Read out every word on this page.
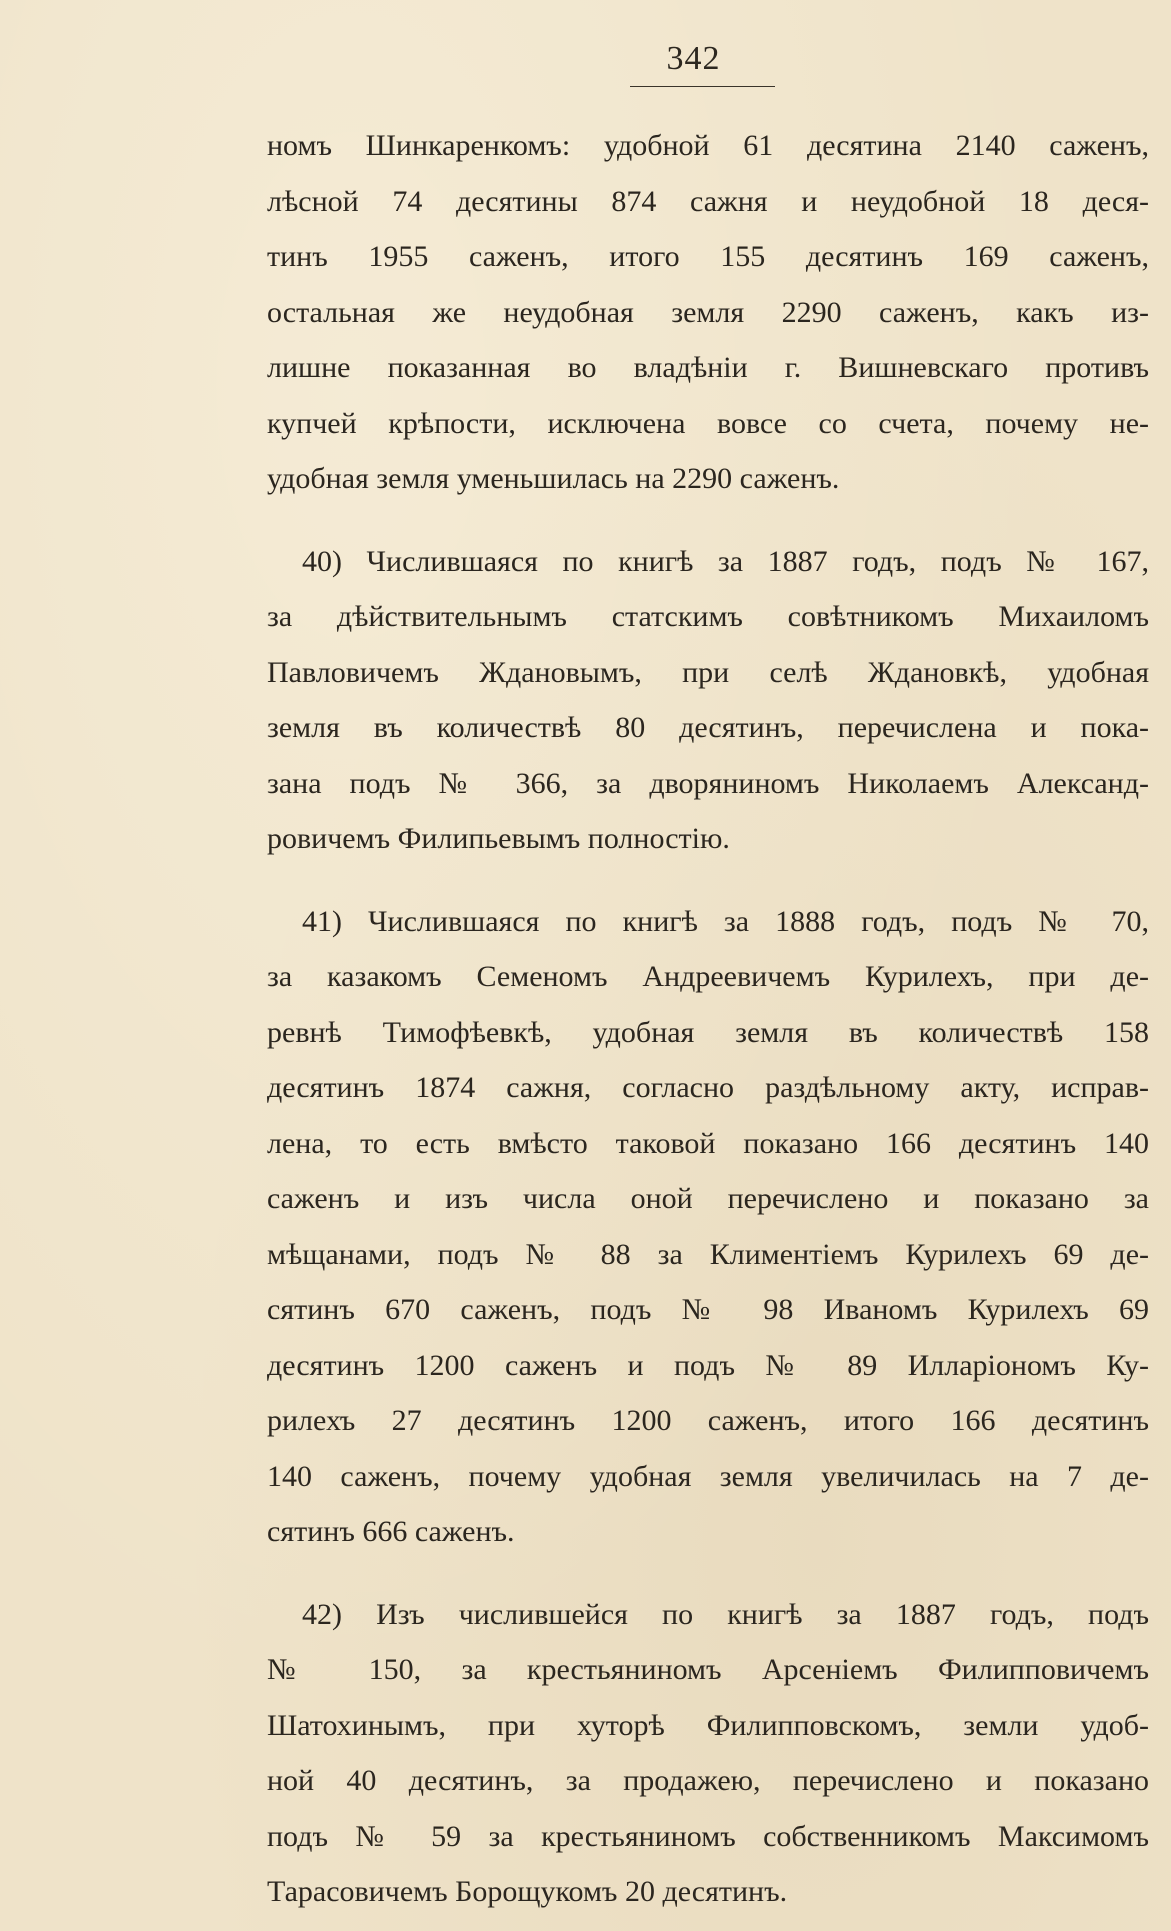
342

номъ Шинкаренкомъ: удобной 61 десятина 2140 саженъ,
лѣсной 74 десятины 874 сажня и неудобной 18 деся-
тинъ 1955 саженъ, итого 155 десятинъ 169 саженъ,
остальная же неудобная земля 2290 саженъ, какъ из-
лишне показанная во владѣніи г. Вишневскаго противъ
купчей крѣпости, исключена вовсе со счета, почему не-
удобная земля уменьшилась на 2290 саженъ.

40) Числившаяся по книгѣ за 1887 годъ, подъ № 167,
за дѣйствительнымъ статскимъ совѣтникомъ Михаиломъ
Павловичемъ Ждановымъ, при селѣ Ждановкѣ, удобная
земля въ количествѣ 80 десятинъ, перечислена и пока-
зана подъ № 366, за дворяниномъ Николаемъ Александ-
ровичемъ Филипьевымъ полностію.

41) Числившаяся по книгѣ за 1888 годъ, подъ № 70,
за казакомъ Семеномъ Андреевичемъ Курилехъ, при де-
ревнѣ Тимофѣевкѣ, удобная земля въ количествѣ 158
десятинъ 1874 сажня, согласно раздѣльному акту, исправ-
лена, то есть вмѣсто таковой показано 166 десятинъ 140
саженъ и изъ числа оной перечислено и показано за
мѣщанами, подъ № 88 за Климентіемъ Курилехъ 69 де-
сятинъ 670 саженъ, подъ № 98 Иваномъ Курилехъ 69
десятинъ 1200 саженъ и подъ № 89 Илларіономъ Ку-
рилехъ 27 десятинъ 1200 саженъ, итого 166 десятинъ
140 саженъ, почему удобная земля увеличилась на 7 де-
сятинъ 666 саженъ.

42) Изъ числившейся по книгѣ за 1887 годъ, подъ
№ 150, за крестьяниномъ Арсеніемъ Филипповичемъ
Шатохинымъ, при хуторѣ Филипповскомъ, земли удоб-
ной 40 десятинъ, за продажею, перечислено и показано
подъ № 59 за крестьяниномъ собственникомъ Максимомъ
Тарасовичемъ Борощукомъ 20 десятинъ.
